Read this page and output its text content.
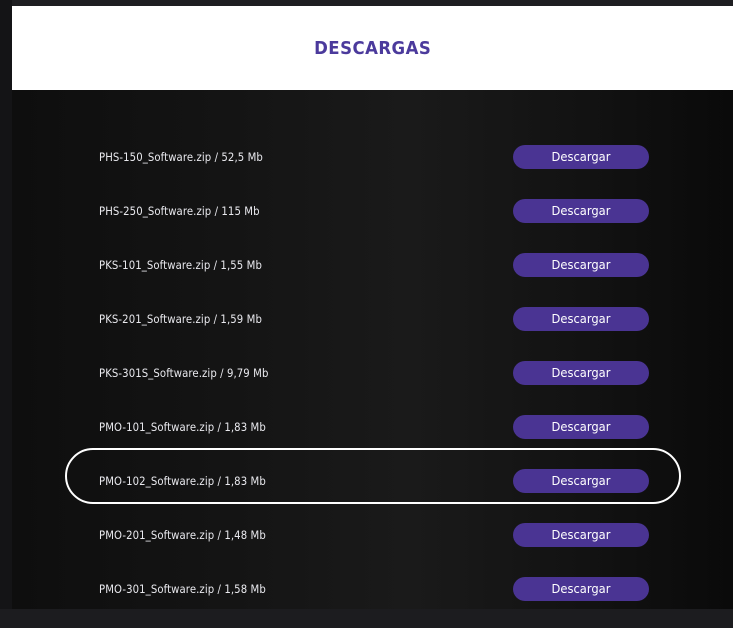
DESCARGAS
PHS-150_Software.zip / 52,5 Mb	Descargar
PHS-250_Software.zip / 115 Mb	Descargar
PKS-101_Software.zip / 1,55 Mb	Descargar
PKS-201_Software.zip / 1,59 Mb	Descargar
PKS-301S_Software.zip / 9,79 Mb	Descargar
PMO-101_Software.zip / 1,83 Mb	Descargar
PMO-102_Software.zip / 1,83 Mb	Descargar
PMO-201_Software.zip / 1,48 Mb	Descargar
PMO-301_Software.zip / 1,58 Mb	Descargar
